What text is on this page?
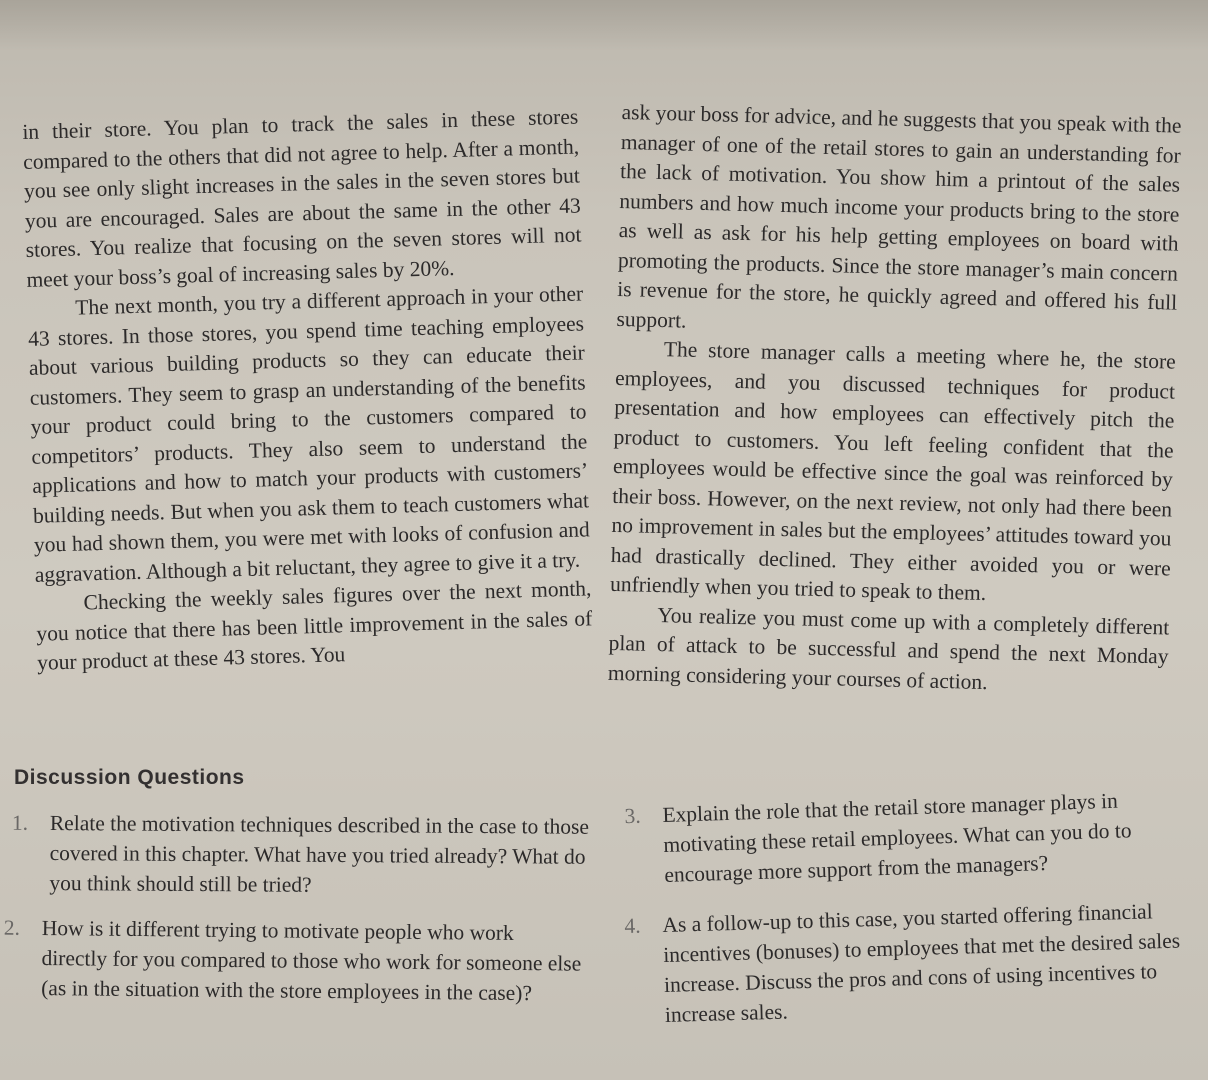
in their store. You plan to track the sales in these stores compared to the others that did not agree to help. After a month, you see only slight increases in the sales in the seven stores but you are encouraged. Sales are about the same in the other 43 stores. You realize that focusing on the seven stores will not meet your boss’s goal of increasing sales by 20%.

The next month, you try a different approach in your other 43 stores. In those stores, you spend time teaching employees about various building products so they can educate their customers. They seem to grasp an understanding of the benefits your product could bring to the customers compared to competitors’ products. They also seem to understand the applications and how to match your products with customers’ building needs. But when you ask them to teach customers what you had shown them, you were met with looks of confusion and aggravation. Although a bit reluctant, they agree to give it a try.

Checking the weekly sales figures over the next month, you notice that there has been little improvement in the sales of your product at these 43 stores. You

ask your boss for advice, and he suggests that you speak with the manager of one of the retail stores to gain an understanding for the lack of motivation. You show him a printout of the sales numbers and how much income your products bring to the store as well as ask for his help getting employees on board with promoting the products. Since the store manager’s main concern is revenue for the store, he quickly agreed and offered his full support.

The store manager calls a meeting where he, the store employees, and you discussed techniques for product presentation and how employees can effectively pitch the product to customers. You left feeling confident that the employees would be effective since the goal was reinforced by their boss. However, on the next review, not only had there been no improvement in sales but the employees’ attitudes toward you had drastically declined. They either avoided you or were unfriendly when you tried to speak to them.

You realize you must come up with a completely different plan of attack to be successful and spend the next Monday morning considering your courses of action.

Discussion Questions
1. Relate the motivation techniques described in the case to those covered in this chapter. What have you tried already? What do you think should still be tried?
2. How is it different trying to motivate people who work directly for you compared to those who work for someone else (as in the situation with the store employees in the case)?
3. Explain the role that the retail store manager plays in motivating these retail employees. What can you do to encourage more support from the managers?
4. As a follow-up to this case, you started offering financial incentives (bonuses) to employees that met the desired sales increase. Discuss the pros and cons of using incentives to increase sales.
